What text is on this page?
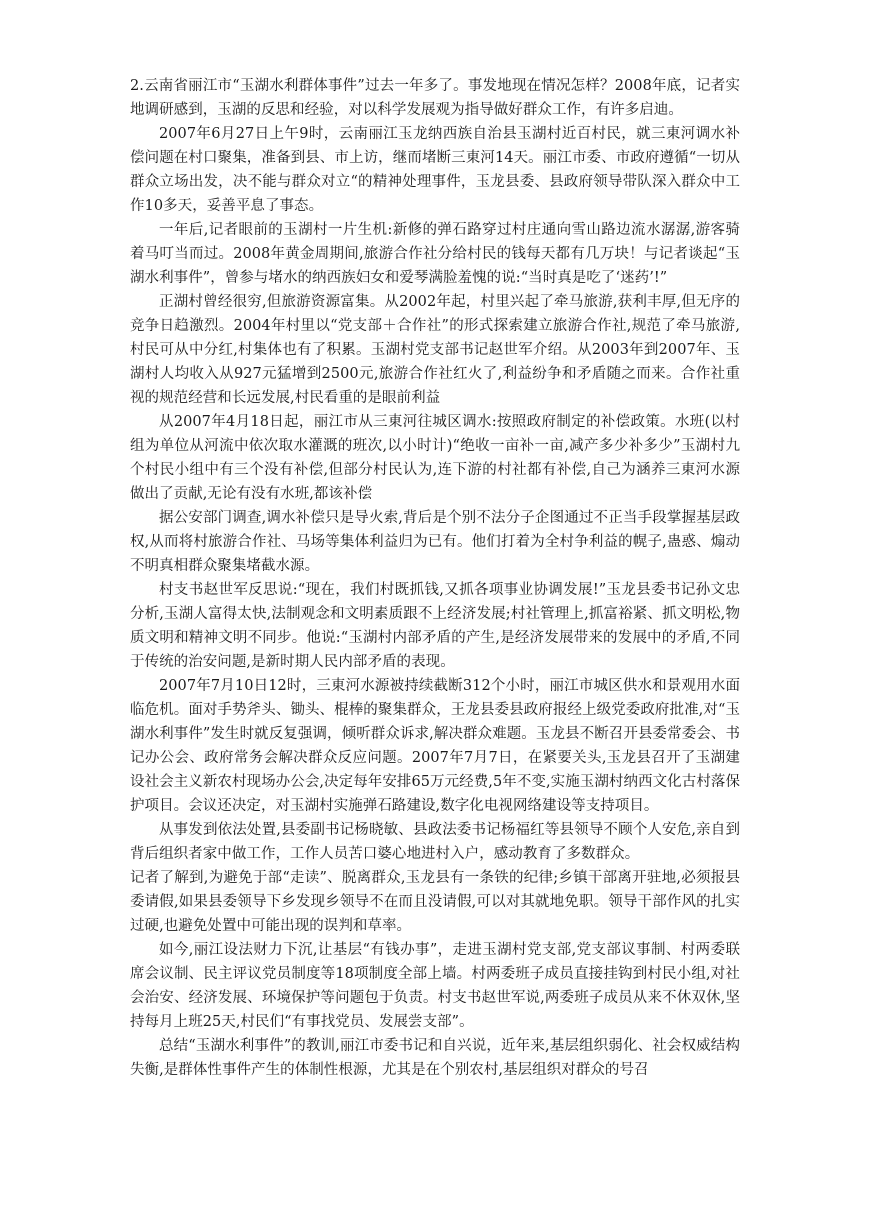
2.云南省丽江市“玉湖水利群体事件”过去一年多了。事发地现在情况怎样？2008年底，记者实地调研感到，玉湖的反思和经验，对以科学发展观为指导做好群众工作，有许多启迪。

2007年6月27日上午9时，云南丽江玉龙纳西族自治县玉湖村近百村民，就三東河调水补偿问题在村口聚集，准备到县、市上访，继而堵断三東河14天。丽江市委、市政府遵循“一切从群众立场出发，决不能与群众对立“的精神处理事件，玉龙县委、县政府领导带队深入群众中工作10多天，妥善平息了事态。

一年后,记者眼前的玉湖村一片生机:新修的弹石路穿过村庄通向雪山路边流水潺潺,游客骑着马叮当而过。2008年黄金周期间,旅游合作社分给村民的钱每天都有几万块！与记者谈起“玉湖水利事件”，曾参与堵水的纳西族妇女和爱琴满脸羞愧的说:“当时真是吃了‘迷药’!”

正湖村曾经很穷,但旅游资源富集。从2002年起，村里兴起了牵马旅游,获利丰厚,但无序的竞争日趋激烈。2004年村里以“党支部＋合作社”的形式探索建立旅游合作社,规范了牵马旅游,村民可从中分红,村集体也有了积累。玉湖村党支部书记赵世军介绍。从2003年到2007年、玉湖村人均收入从927元猛增到2500元,旅游合作社红火了,利益纷争和矛盾随之而来。合作社重视的规范经营和长远发展,村民看重的是眼前利益

从2007年4月18日起，丽江市从三東河往城区调水:按照政府制定的补偿政策。水班(以村组为单位从河流中依次取水灌溉的班次,以小时计)“绝收一亩补一亩,减产多少补多少”玉湖村九个村民小组中有三个没有补偿,但部分村民认为,连下游的村社都有补偿,自己为涵养三東河水源做出了贡献,无论有没有水班,都该补偿

据公安部门调查,调水补偿只是导火索,背后是个别不法分子企图通过不正当手段掌握基层政权,从而将村旅游合作社、马场等集体利益归为已有。他们打着为全村争利益的幌子,蛊惑、煽动不明真相群众聚集堵截水源。

村支书赵世军反思说:“现在，我们村既抓钱,又抓各项事业协调发展!”玉龙县委书记孙文忠分析,玉湖人富得太快,法制观念和文明素质跟不上经济发展;村社管理上,抓富裕紧、抓文明松,物质文明和精神文明不同步。他说:“玉湖村内部矛盾的产生,是经济发展带来的发展中的矛盾,不同于传统的治安问题,是新时期人民内部矛盾的表现。

2007年7月10日12时，三東河水源被持续截断312个小时，丽江市城区供水和景观用水面临危机。面对手势斧头、锄头、棍棒的聚集群众，王龙县委县政府报经上级党委政府批准,对“玉湖水利事件”发生时就反复强调，倾听群众诉求,解决群众难题。玉龙县不断召开县委常委会、书记办公会、政府常务会解决群众反应问题。2007年7月7日，在紧要关头,玉龙县召开了玉湖建设社会主义新农村现场办公会,决定每年安排65万元经费,5年不变,实施玉湖村纳西文化古村落保护项目。会议还决定，对玉湖村实施弹石路建设,数字化电视网络建设等支持项目。

从事发到依法处置,县委副书记杨晓敏、县政法委书记杨福红等县领导不顾个人安危,亲自到背后组织者家中做工作，工作人员苦口婆心地进村入户，感动教育了多数群众。

记者了解到,为避免于部“走读”、脱离群众,玉龙县有一条铁的纪律;乡镇干部离开驻地,必须报县委请假,如果县委领导下乡发现乡领导不在而且没请假,可以对其就地免职。领导干部作风的扎实过硬,也避免处置中可能出现的误判和草率。

如今,丽江设法财力下沉,让基层“有钱办事”，走进玉湖村党支部,党支部议事制、村两委联席会议制、民主评议党员制度等18项制度全部上墙。村两委班子成员直接挂钩到村民小组,对社会治安、经济发展、环境保护等问题包于负责。村支书赵世军说,两委班子成员从来不休双休,坚持每月上班25天,村民们“有事找党员、发展尝支部”。

总结“玉湖水利事件”的教训,丽江市委书记和自兴说，近年来,基层组织弱化、社会权威结构失衡,是群体性事件产生的体制性根源，尤其是在个别农村,基层组织对群众的号召
